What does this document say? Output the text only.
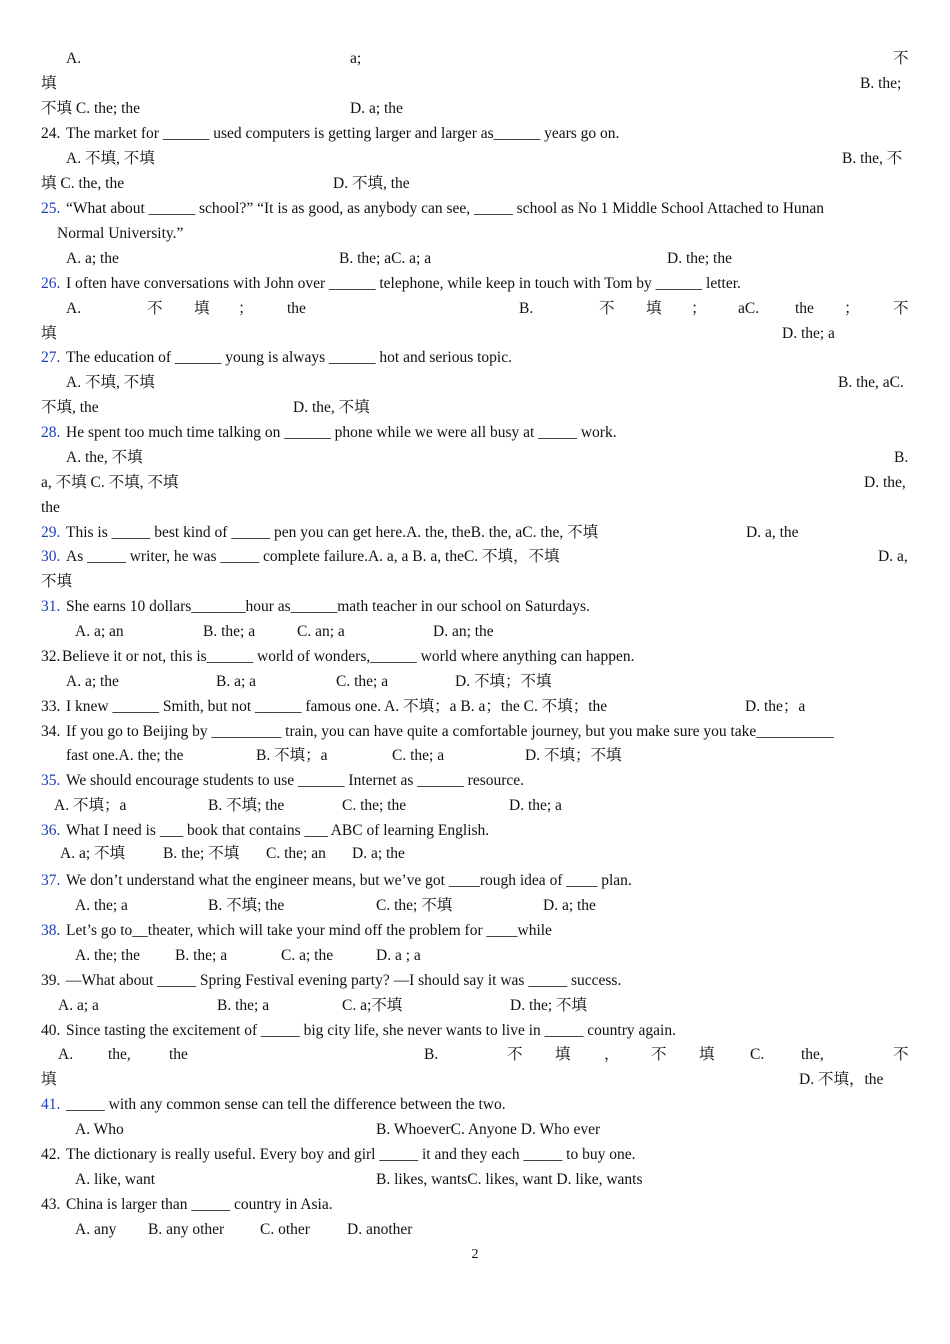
A.	a;	不
填	B. the;
不填 C. the; the	D. a; the
24. The market for ______ used computers is getting larger and larger as______ years go on.
A. 不填, 不填	B. the, 不
填 C. the, the	D. 不填, the
25. “What about ______ school?” “It is as good, as anybody can see, _____ school as No 1 Middle School Attached to Hunan
Normal University.”
A. a; the	B. the; aC. a; a	D. the; the
26. I often have conversations with John over ______ telephone, while keep in touch with Tom by ______ letter.
A.	不 填 ； the	B.	不 填 ； aC. the ； 不
填	D. the; a
27. The education of ______ young is always ______ hot and serious topic.
A. 不填, 不填	B. the, aC.
不填, the	D. the, 不填
28. He spent too much time talking on ______ phone while we were all busy at _____ work.
A. the, 不填	B.
a, 不填 C. 不填, 不填	D. the,
the
29. This is _____ best kind of _____ pen you can get here.A. the, theB. the, aC. the, 不填	D. a, the
30. As _____ writer, he was _____ complete failure.A. a, a B. a, theC. 不填，不填	D. a,
不填
31. She earns 10 dollars_______hour as______math teacher in our school on Saturdays.
A. a; an	B. the; a	C. an; a	D. an; the
32. Believe it or not, this is______ world of wonders,______ world where anything can happen.
A. a; the	B. a; a	C. the; a	D. 不填；不填
33. I knew ______ Smith, but not ______ famous one. A. 不填；a B. a；the C. 不填；the	D. the；a
34. If you go to Beijing by _________ train, you can have quite a comfortable journey, but you make sure you take__________
fast one.A. the; the	B. 不填；a	C. the; a	D. 不填；不填
35. We should encourage students to use ______ Internet as ______ resource.
A. 不填；a	B. 不填; the	C. the; the	D. the; a
36. What I need is ___ book that contains ___ ABC of learning English.
A. a; 不填 B. the; 不填 C. the; an D. a; the
37. We don’t understand what the engineer means, but we’ve got ____rough idea of ____ plan.
A. the; a	B. 不填; the	C. the; 不填	D. a; the
38. Let’s go to__theater, which will take your mind off the problem for ____while
A. the; the B. the; a	C. a; the	D. a ; a
39. —What about _____ Spring Festival evening party? —I should say it was _____ success.
A. a; a	B. the; a	C. a;不填	D. the; 不填
40. Since tasting the excitement of _____ big city life, she never wants to live in _____ country again.
A. the, the	B.	不 填 ， 不 填 C. the,	不
填	D. 不填，the
41. _____ with any common sense can tell the difference between the two.
A. Who	B. WhoeverC. Anyone D. Who ever
42. The dictionary is really useful. Every boy and girl _____ it and they each _____ to buy one.
A. like, want	B. likes, wantsC. likes, want D. like, wants
43. China is larger than _____ country in Asia.
A. any B. any other C. other D. another
2
